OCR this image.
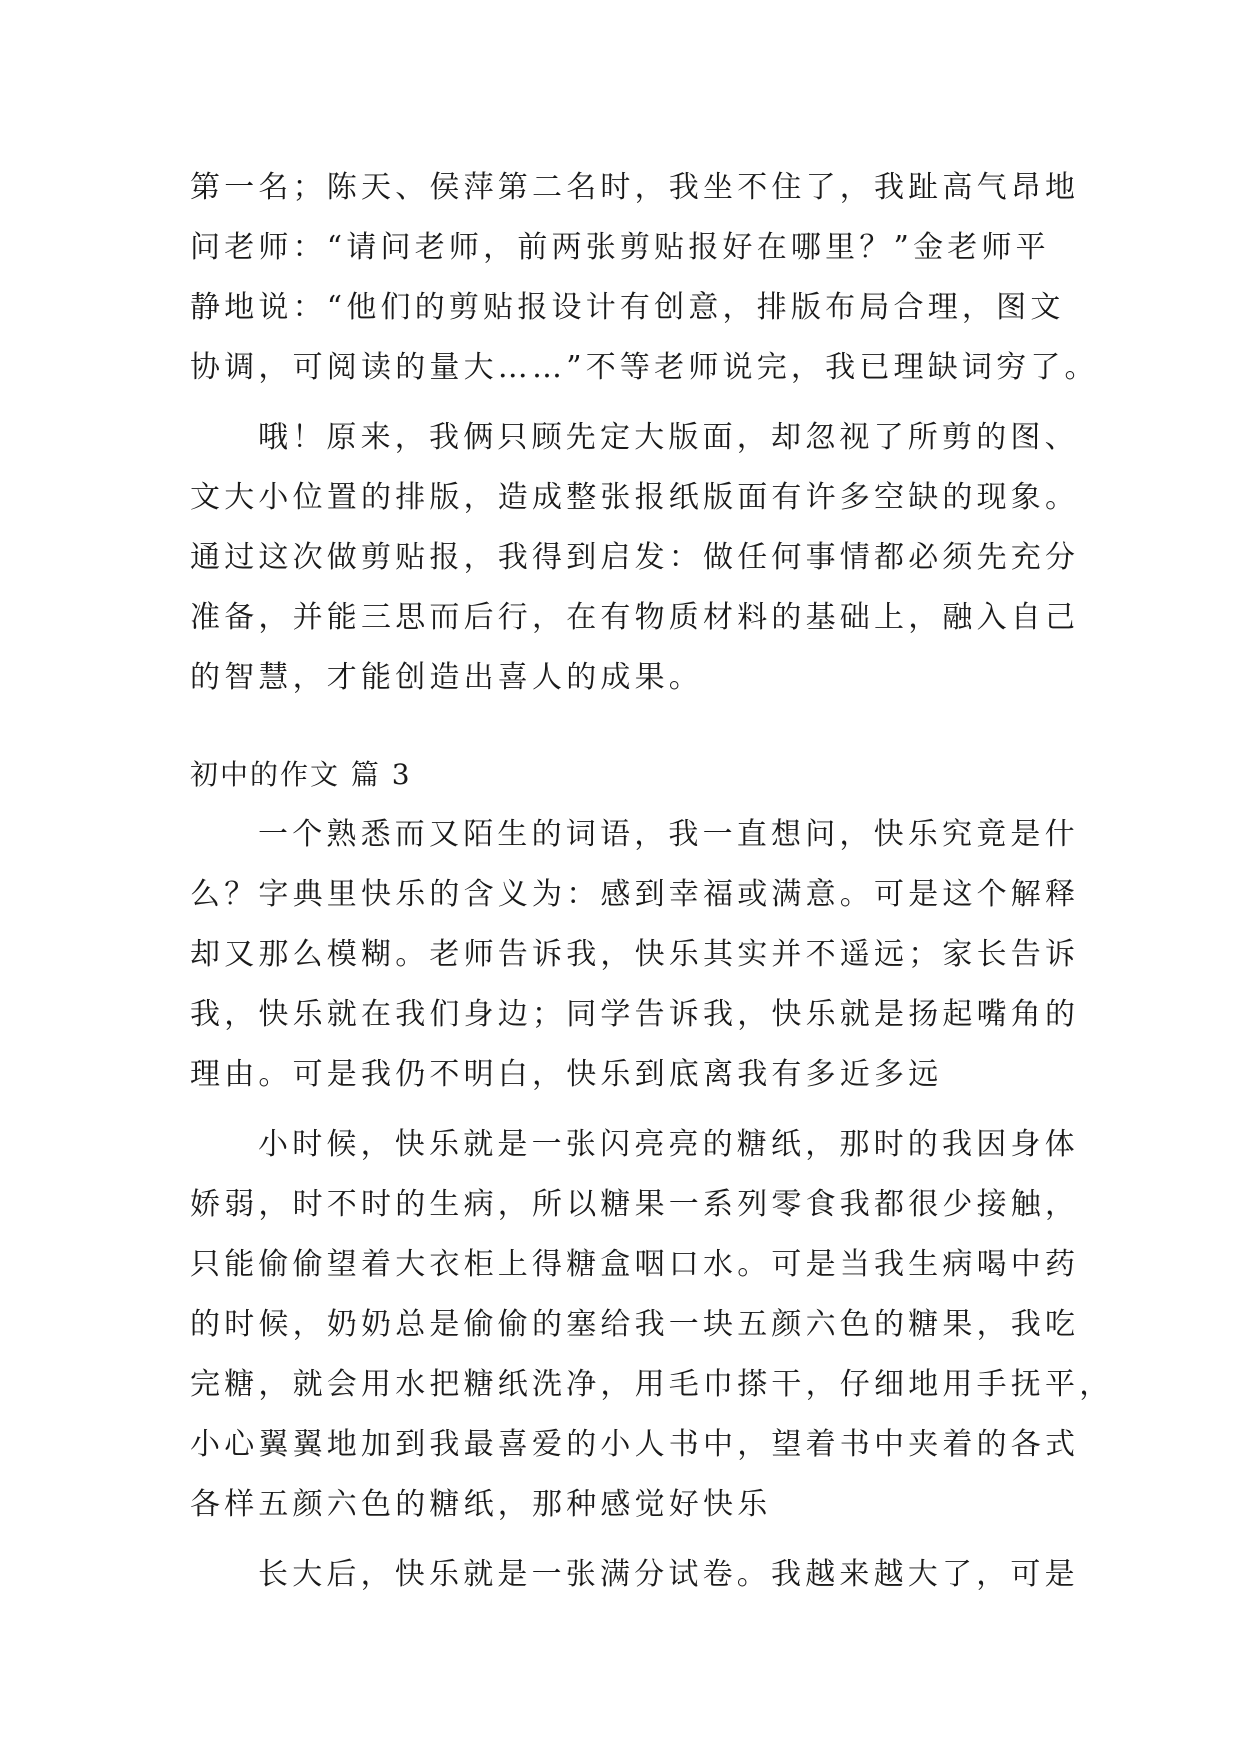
第一名；陈天、侯萍第二名时，我坐不住了，我趾高气昂地
问老师：“请问老师，前两张剪贴报好在哪里？”金老师平
静地说：“他们的剪贴报设计有创意，排版布局合理，图文
协调，可阅读的量大……”不等老师说完，我已理缺词穷了。
哦！原来，我俩只顾先定大版面，却忽视了所剪的图、
文大小位置的排版，造成整张报纸版面有许多空缺的现象。
通过这次做剪贴报，我得到启发：做任何事情都必须先充分
准备，并能三思而后行，在有物质材料的基础上，融入自己
的智慧，才能创造出喜人的成果。
初中的作文 篇 3
一个熟悉而又陌生的词语，我一直想问，快乐究竟是什
么？字典里快乐的含义为：感到幸福或满意。可是这个解释
却又那么模糊。老师告诉我，快乐其实并不遥远；家长告诉
我，快乐就在我们身边；同学告诉我，快乐就是扬起嘴角的
理由。可是我仍不明白，快乐到底离我有多近多远
小时候，快乐就是一张闪亮亮的糖纸，那时的我因身体
娇弱，时不时的生病，所以糖果一系列零食我都很少接触，
只能偷偷望着大衣柜上得糖盒咽口水。可是当我生病喝中药
的时候，奶奶总是偷偷的塞给我一块五颜六色的糖果，我吃
完糖，就会用水把糖纸洗净，用毛巾搽干，仔细地用手抚平，
小心翼翼地加到我最喜爱的小人书中，望着书中夹着的各式
各样五颜六色的糖纸，那种感觉好快乐
长大后，快乐就是一张满分试卷。我越来越大了，可是
